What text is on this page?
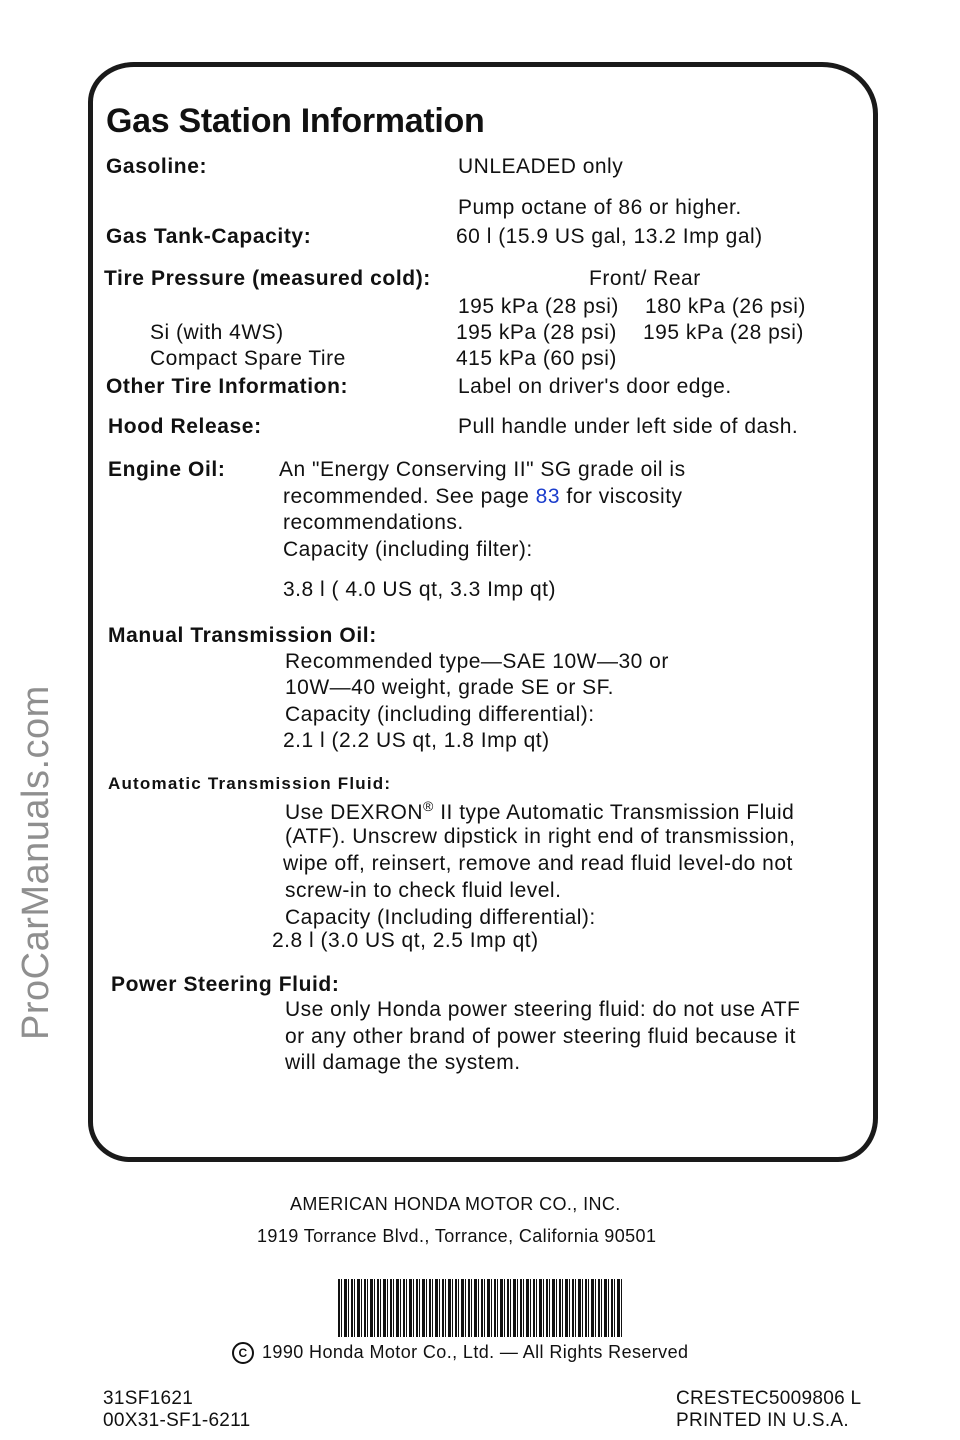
ProCarManuals.com
Gas Station Information
Gasoline:	UNLEADED only
Pump octane of 86 or higher.
Gas Tank-Capacity:	60 l (15.9 US gal, 13.2 Imp gal)
Tire Pressure (measured cold):	Front/ Rear
195 kPa (28 psi) 180 kPa (26 psi)
Si (with 4WS)	195 kPa (28 psi) 195 kPa (28 psi)
Compact Spare Tire	415 kPa (60 psi)
Other Tire Information:	Label on driver's door edge.
Hood Release:	Pull handle under left side of dash.
Engine Oil:	An "Energy Conserving II" SG grade oil is
recommended. See page 83 for viscosity
recommendations.
Capacity (including filter):
3.8 l ( 4.0 US qt, 3.3 Imp qt)
Manual Transmission Oil:
Recommended type—SAE 10W—30 or
10W—40 weight, grade SE or SF.
Capacity (including differential):
2.1 l (2.2 US qt, 1.8 Imp qt)
Automatic Transmission Fluid:
Use DEXRON® II type Automatic Transmission Fluid
(ATF). Unscrew dipstick in right end of transmission,
wipe off, reinsert, remove and read fluid level-do not
screw-in to check fluid level.
Capacity (Including differential):
2.8 l (3.0 US qt, 2.5 Imp qt)
Power Steering Fluid:
Use only Honda power steering fluid: do not use ATF
or any other brand of power steering fluid because it
will damage the system.
AMERICAN HONDA MOTOR CO., INC.
1919 Torrance Blvd., Torrance, California 90501
C 1990 Honda Motor Co., Ltd. — All Rights Reserved
31SF1621
00X31-SF1-6211
CRESTEC5009806 L
PRINTED IN U.S.A.
